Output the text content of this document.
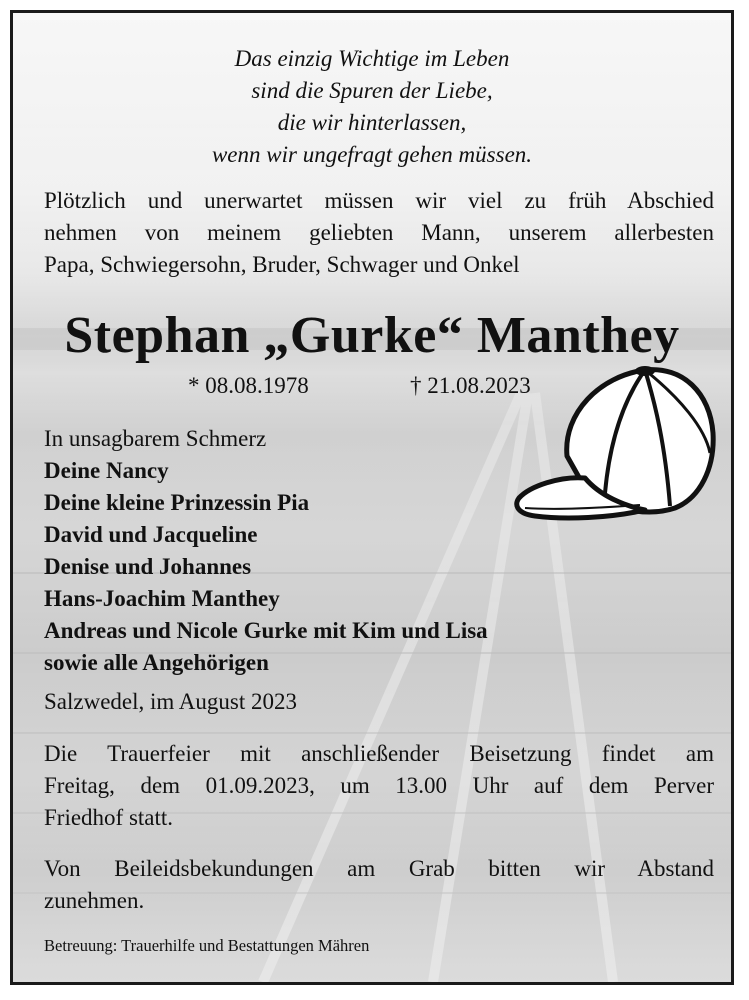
Das einzig Wichtige im Leben
sind die Spuren der Liebe,
die wir hinterlassen,
wenn wir ungefragt gehen müssen.
Plötzlich und unerwartet müssen wir viel zu früh Abschied
nehmen von meinem geliebten Mann, unserem allerbesten
Papa, Schwiegersohn, Bruder, Schwager und Onkel
Stephan „Gurke“ Manthey
* 08.08.1978	† 21.08.2023
In unsagbarem Schmerz
Deine Nancy
Deine kleine Prinzessin Pia
David und Jacqueline
Denise und Johannes
Hans-Joachim Manthey
Andreas und Nicole Gurke mit Kim und Lisa
sowie alle Angehörigen
Salzwedel, im August 2023
Die Trauerfeier mit anschließender Beisetzung findet am
Freitag, dem 01.09.2023, um 13.00 Uhr auf dem Perver
Friedhof statt.
Von Beileidsbekundungen am Grab bitten wir Abstand
zunehmen.
Betreuung: Trauerhilfe und Bestattungen Mähren
